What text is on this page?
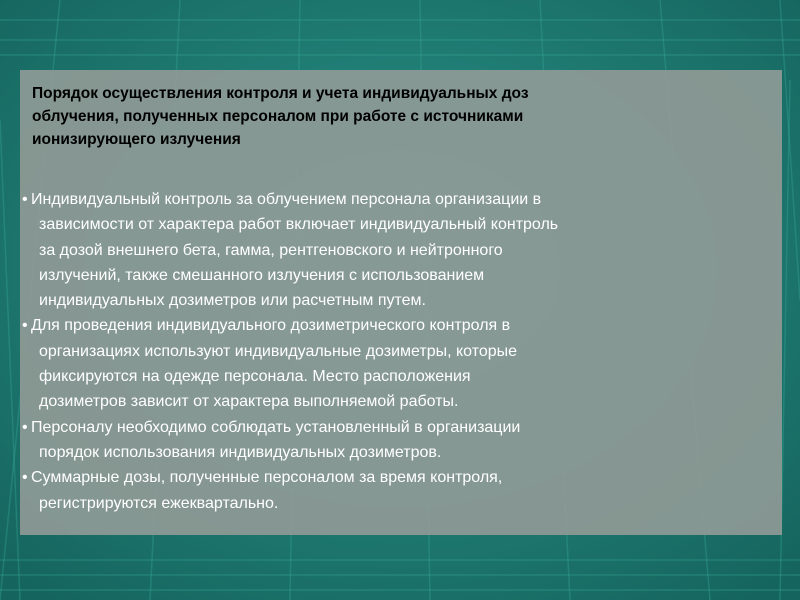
Порядок осуществления контроля и учета индивидуальных доз
облучения, полученных персоналом при работе с источниками
ионизирующего излучения
• Индивидуальный контроль за облучением персонала организации в
зависимости от характера работ включает индивидуальный контроль
за дозой внешнего бета, гамма, рентгеновского и нейтронного
излучений, также смешанного излучения с использованием
индивидуальных дозиметров или расчетным путем.
• Для проведения индивидуального дозиметрического контроля в
организациях используют индивидуальные дозиметры, которые
фиксируются на одежде персонала. Место расположения
дозиметров зависит от характера выполняемой работы.
• Персоналу необходимо соблюдать установленный в организации
порядок использования индивидуальных дозиметров.
• Суммарные дозы, полученные персоналом за время контроля,
регистрируются ежеквартально.
